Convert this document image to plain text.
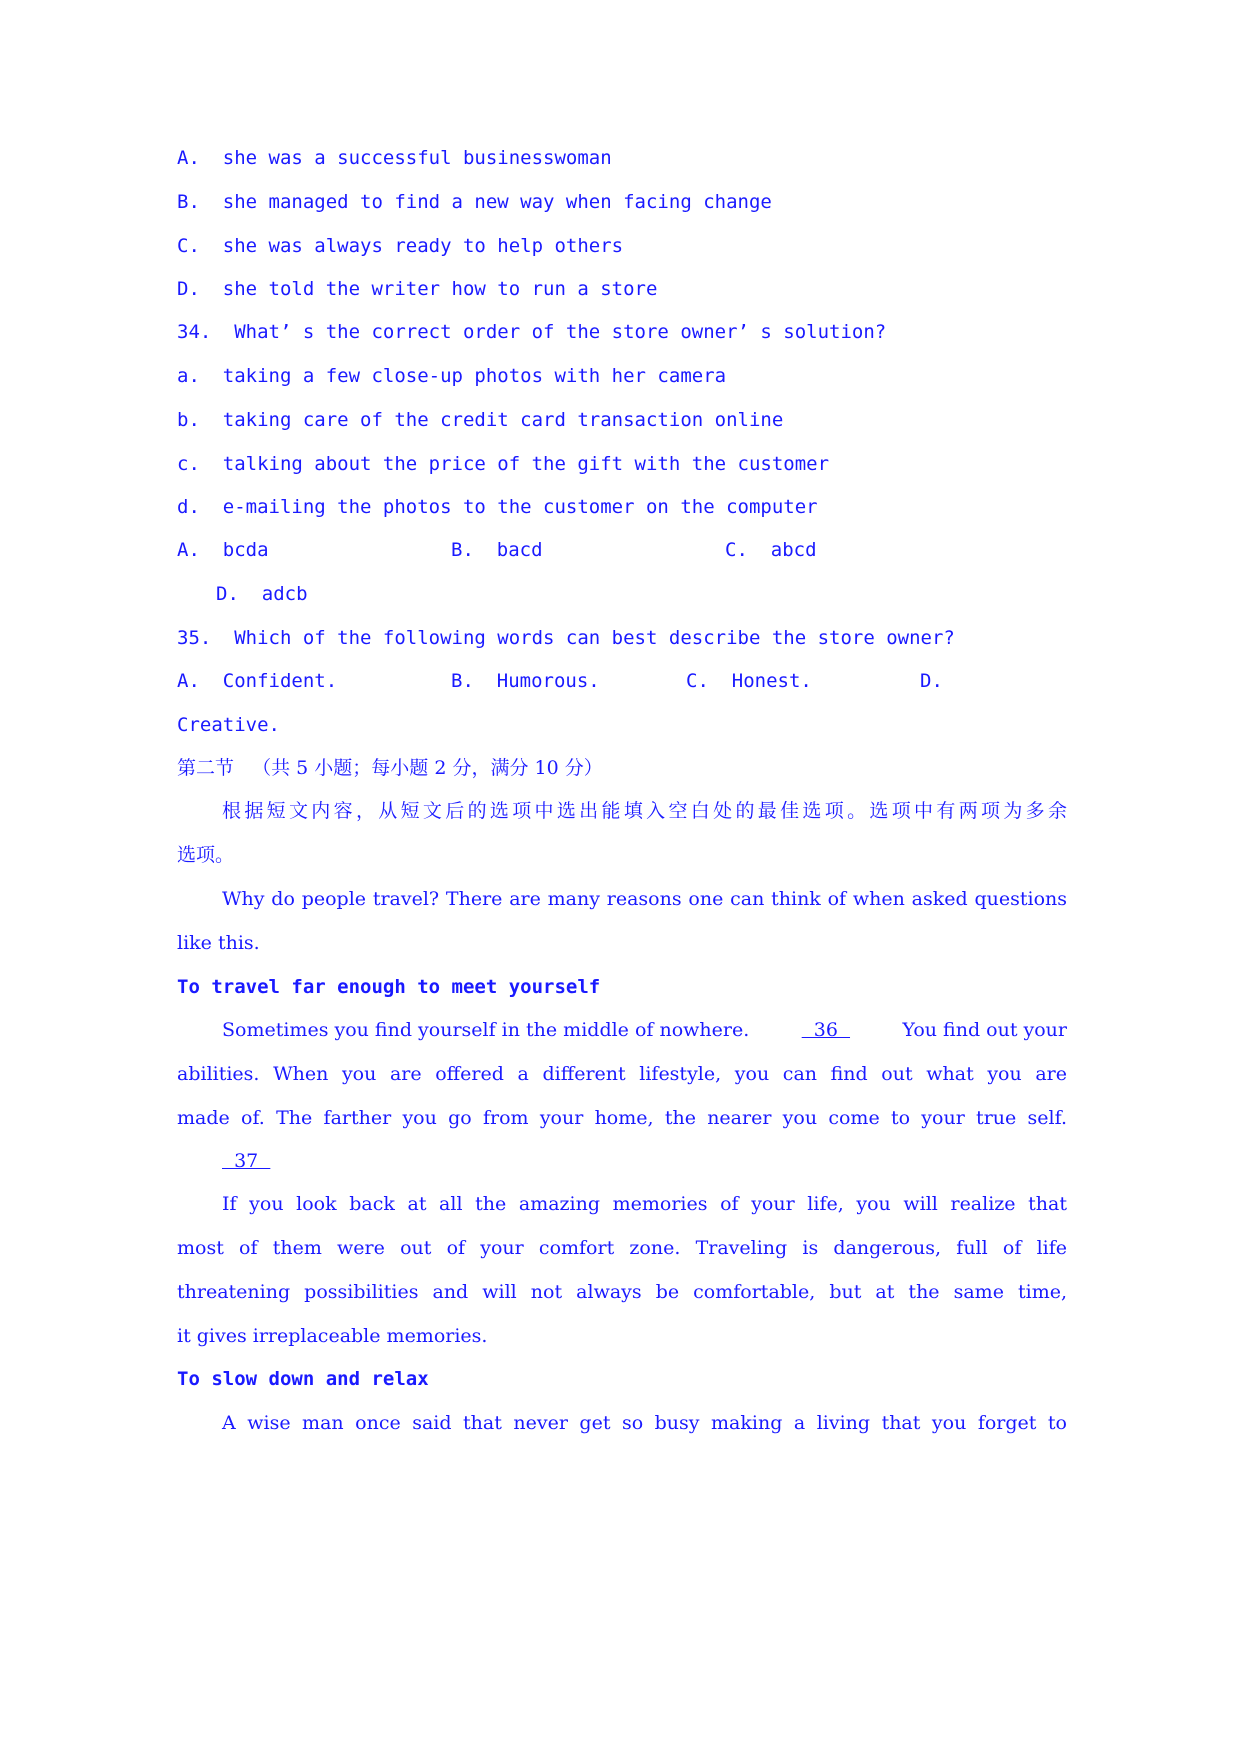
A.  she was a successful businesswoman
B.  she managed to find a new way when facing change
C.  she was always ready to help others
D.  she told the writer how to run a store
34.  What’ s the correct order of the store owner’ s solution?
a.  taking a few close-up photos with her camera
b.  taking care of the credit card transaction online
c.  talking about the price of the gift with the customer
d.  e-mailing the photos to the customer on the computer
A.  bcda	B.  bacd	C.  abcd
D.  adcb
35.  Which of the following words can best describe the store owner?
A.  Confident.	B.  Humorous.	C.  Honest.	D.
Creative.
第二节   （共 5 小题；每小题 2 分，满分 10 分）
根据短文内容，从短文后的选项中选出能填入空白处的最佳选项。选项中有两项为多余
选项。
Why do people travel? There are many reasons one can think of when asked questions
like this.
To travel far enough to meet yourself
Sometimes you find yourself in the middle of nowhere.	36	You find out your
abilities. When you are offered a different lifestyle, you can find out what you are
made of. The farther you go from your home, the nearer you come to your true self.
37
If you look back at all the amazing memories of your life, you will realize that
most of them were out of your comfort zone. Traveling is dangerous, full of life
threatening possibilities and will not always be comfortable, but at the same time,
it gives irreplaceable memories.
To slow down and relax
A wise man once said that never get so busy making a living that you forget to
